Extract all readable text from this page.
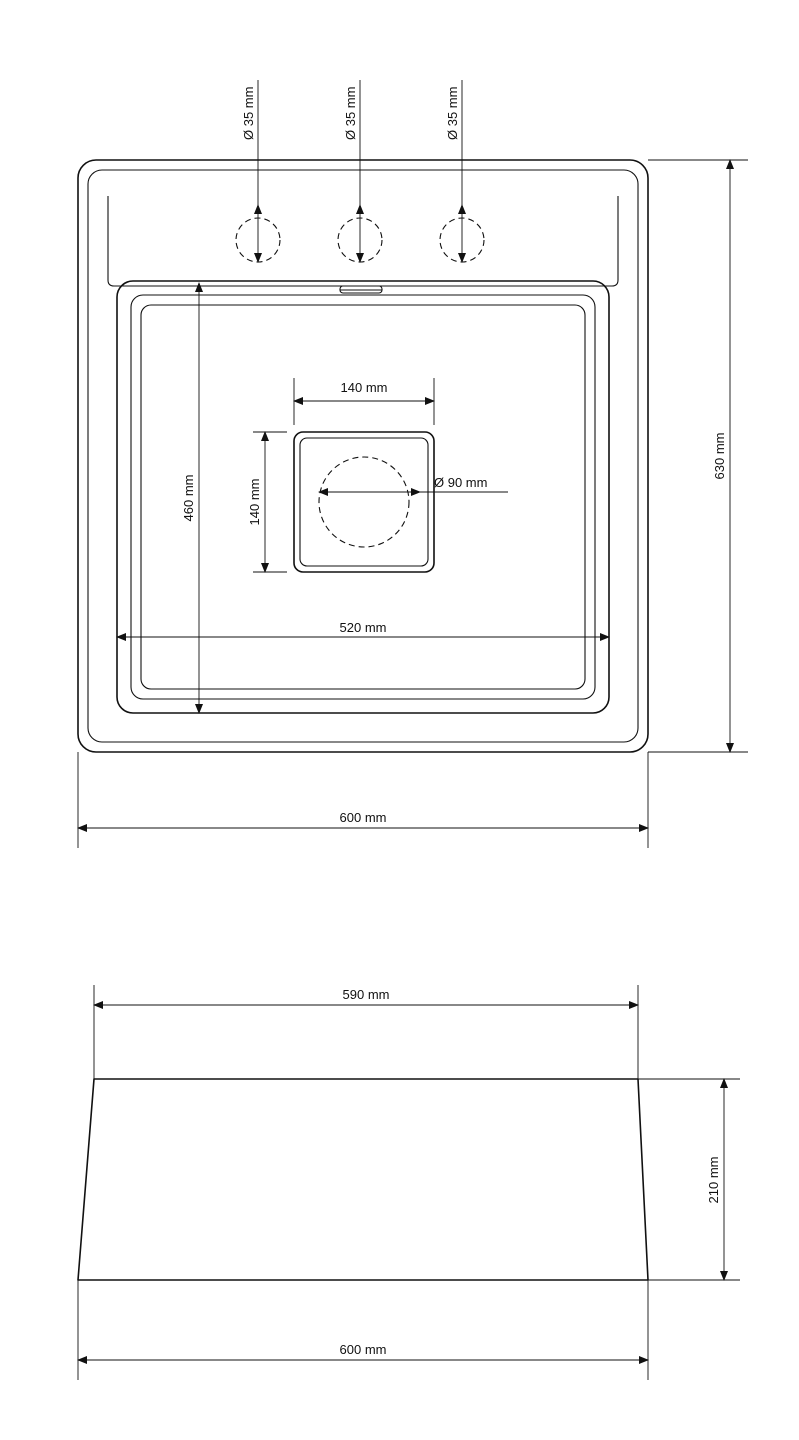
Ø 35 mm	Ø 35 mm	Ø 35 mm
140 mm
140 mm	Ø 90 mm
520 mm
460 mm
630 mm
600 mm
590 mm
210 mm
600 mm
